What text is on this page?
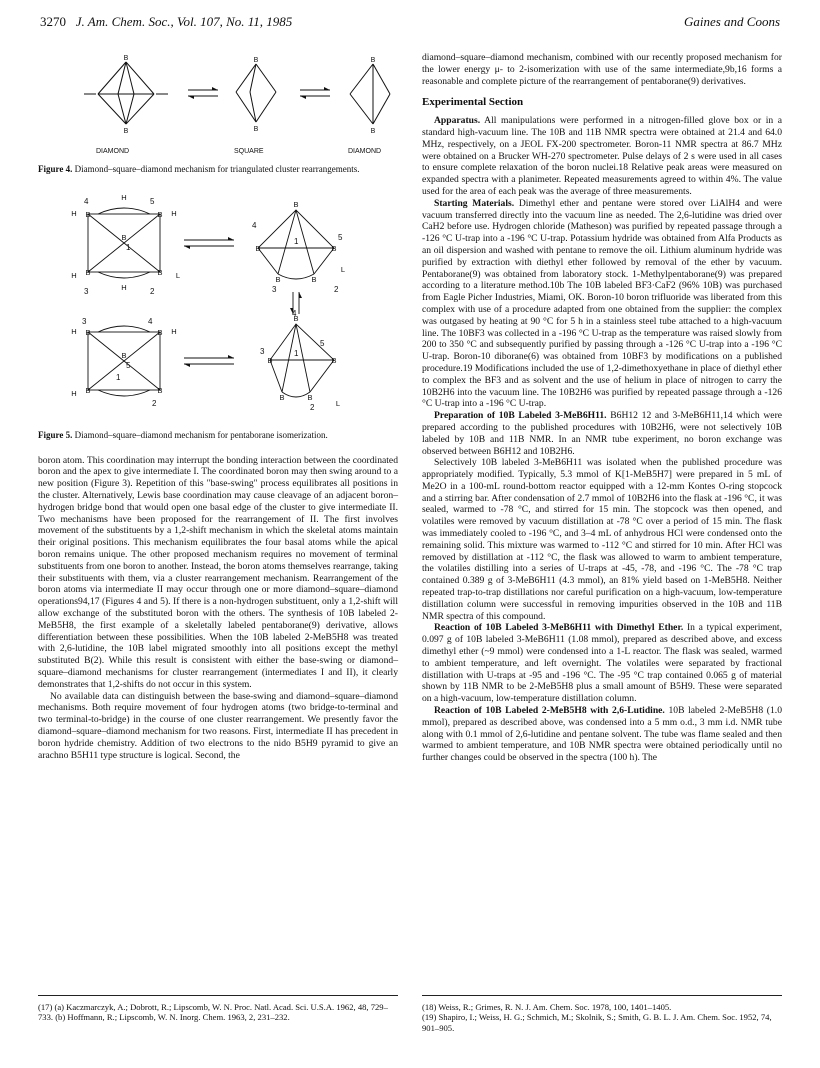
3270 J. Am. Chem. Soc., Vol. 107, No. 11, 1985	Gaines and Coons
B
B
B
B
B
B
DIAMOND	SQUARE	DIAMOND
Figure 4. Diamond–square–diamond mechanism for triangulated cluster rearrangements.
4	5
1
3	2
4
5
1
3	2
3	4
5
1
2
4
5
1
3
2
B	B
B	B
B
H
H
H	H
H	L
B	B
B
B	B
L
B	B
B	B
B
H	H
H
B	B
B
B	B
L
Figure 5. Diamond–square–diamond mechanism for pentaborane isomerization.

boron atom. This coordination may interrupt the bonding interaction between the coordinated boron and the apex to give intermediate I. The coordinated boron may then swing around to a new position (Figure 3). Repetition of this "base-swing" process equilibrates all positions in the cluster. Alternatively, Lewis base coordination may cause cleavage of an adjacent boron–hydrogen bridge bond that would open one basal edge of the cluster to give intermediate II. Two mechanisms have been proposed for the rearrangement of II. The first involves movement of the substituents by a 1,2-shift mechanism in which the skeletal atoms maintain their original positions. This mechanism equilibrates the four basal atoms while the apical boron remains unique. The other proposed mechanism requires no movement of terminal substituents from one boron to another. Instead, the boron atoms themselves rearrange, taking their substituents with them, via a cluster rearrangement mechanism. Rearrangement of the boron atoms via intermediate II may occur through one or more diamond–square–diamond operations94,17 (Figures 4 and 5). If there is a non-hydrogen substituent, only a 1,2-shift will allow exchange of the substituted boron with the others. The synthesis of 10B labeled 2-MeB5H8, the first example of a skeletally labeled pentaborane(9) derivative, allows differentiation between these possibilities. When the 10B labeled 2-MeB5H8 was treated with 2,6-lutidine, the 10B label migrated smoothly into all positions except the methyl substituted B(2). While this result is consistent with either the base-swing or diamond–square–diamond mechanisms for cluster rearrangement (intermediates I and II), it clearly demonstrates that 1,2-shifts do not occur in this system.

No available data can distinguish between the base-swing and diamond–square–diamond mechanisms. Both require movement of four hydrogen atoms (two bridge-to-terminal and two terminal-to-bridge) in the course of one cluster rearrangement. We presently favor the diamond–square–diamond mechanism for two reasons. First, intermediate II has precedent in boron hydride chemistry. Addition of two electrons to the nido B5H9 pyramid to give an arachno B5H11 type structure is logical. Second, the

diamond–square–diamond mechanism, combined with our recently proposed mechanism for the lower energy μ- to 2-isomerization with use of the same intermediate,9b,16 forms a reasonable and complete picture of the rearrangement of pentaborane(9) derivatives.

Experimental Section

Apparatus. All manipulations were performed in a nitrogen-filled glove box or in a standard high-vacuum line. The 10B and 11B NMR spectra were obtained at 21.4 and 64.0 MHz, respectively, on a JEOL FX-200 spectrometer. Boron-11 NMR spectra at 86.7 MHz were obtained on a Brucker WH-270 spectrometer. Pulse delays of 2 s were used in all cases to ensure complete relaxation of the boron nuclei.18 Relative peak areas were measured on expanded spectra with a planimeter. Repeated measurements agreed to within 4%. The value used for the area of each peak was the average of three measurements.

Starting Materials. Dimethyl ether and pentane were stored over LiAlH4 and were vacuum transferred directly into the vacuum line as needed. The 2,6-lutidine was dried over CaH2 before use. Hydrogen chloride (Matheson) was purified by repeated passage through a -126 °C U-trap into a -196 °C U-trap. Potassium hydride was obtained from Alfa Products as an oil dispersion and washed with pentane to remove the oil. Lithium aluminum hydride was purified by extraction with diethyl ether followed by removal of the ether by vacuum. Pentaborane(9) was obtained from laboratory stock. 1-Methylpentaborane(9) was prepared according to a literature method.10b The 10B labeled BF3·CaF2 (96% 10B) was purchased from Eagle Picher Industries, Miami, OK. Boron-10 boron trifluoride was liberated from this complex with use of a procedure adapted from one obtained from the supplier: the complex was outgased by heating at 90 °C for 5 h in a stainless steel tube attached to a high-vacuum line. The 10BF3 was collected in a -196 °C U-trap as the temperature was raised slowly from 200 to 350 °C and subsequently purified by passing through a -126 °C U-trap into a -196 °C U-trap. Boron-10 diborane(6) was obtained from 10BF3 by modifications on a published procedure.19 Modifications included the use of 1,2-dimethoxyethane in place of diethyl ether to complex the BF3 and as solvent and the use of helium in place of nitrogen to carry the 10B2H6 into the vacuum line. The 10B2H6 was purified by repeated passage through a -126 °C U-trap into a -196 °C U-trap.

Preparation of 10B Labeled 3-MeB6H11. B6H12 12 and 3-MeB6H11,14 which were prepared according to the published procedures with 10B2H6, were not selectively 10B labeled by 10B and 11B NMR. In an NMR tube experiment, no boron exchange was observed between B6H12 and 10B2H6.

Selectively 10B labeled 3-MeB6H11 was isolated when the published procedure was appropriately modified. Typically, 5.3 mmol of K[1-MeB5H7] were prepared in 5 mL of Me2O in a 100-mL round-bottom reactor equipped with a 12-mm Kontes O-ring stopcock and a stirring bar. After condensation of 2.7 mmol of 10B2H6 into the flask at -196 °C, it was sealed, warmed to -78 °C, and stirred for 15 min. The stopcock was then opened, and volatiles were removed by vacuum distillation at -78 °C over a period of 15 min. The flask was immediately cooled to -196 °C, and 3–4 mL of anhydrous HCl were condensed onto the remaining solid. This mixture was warmed to -112 °C and stirred for 10 min. After HCl was removed by distillation at -112 °C, the flask was allowed to warm to ambient temperature, the volatiles distilling into a series of U-traps at -45, -78, and -196 °C. The -78 °C trap contained 0.389 g of 3-MeB6H11 (4.3 mmol), an 81% yield based on 1-MeB5H8. Neither repeated trap-to-trap distillations nor careful purification on a high-vacuum, low-temperature distillation column were successful in removing impurities observed in the 10B and 11B NMR spectra of this compound.

Reaction of 10B Labeled 3-MeB6H11 with Dimethyl Ether. In a typical experiment, 0.097 g of 10B labeled 3-MeB6H11 (1.08 mmol), prepared as described above, and excess dimethyl ether (~9 mmol) were condensed into a 1-L reactor. The flask was sealed, warmed to ambient temperature, and left overnight. The volatiles were separated by fractional distillation with U-traps at -95 and -196 °C. The -95 °C trap contained 0.065 g of material shown by 11B NMR to be 2-MeB5H8 plus a small amount of B5H9. These were separated on a high-vacuum, low-temperature distillation column.

Reaction of 10B Labeled 2-MeB5H8 with 2,6-Lutidine. 10B labeled 2-MeB5H8 (1.0 mmol), prepared as described above, was condensed into a 5 mm o.d., 3 mm i.d. NMR tube along with 0.1 mmol of 2,6-lutidine and pentane solvent. The tube was flame sealed and then warmed to ambient temperature, and 10B NMR spectra were obtained periodically until no further changes could be observed in the spectra (100 h). The

(17) (a) Kaczmarczyk, A.; Dobrott, R.; Lipscomb, W. N. Proc. Natl. Acad. Sci. U.S.A. 1962, 48, 729–733. (b) Hoffmann, R.; Lipscomb, W. N. Inorg. Chem. 1963, 2, 231–232.
(18) Weiss, R.; Grimes, R. N. J. Am. Chem. Soc. 1978, 100, 1401–1405.
(19) Shapiro, I.; Weiss, H. G.; Schmich, M.; Skolnik, S.; Smith, G. B. L. J. Am. Chem. Soc. 1952, 74, 901–905.
